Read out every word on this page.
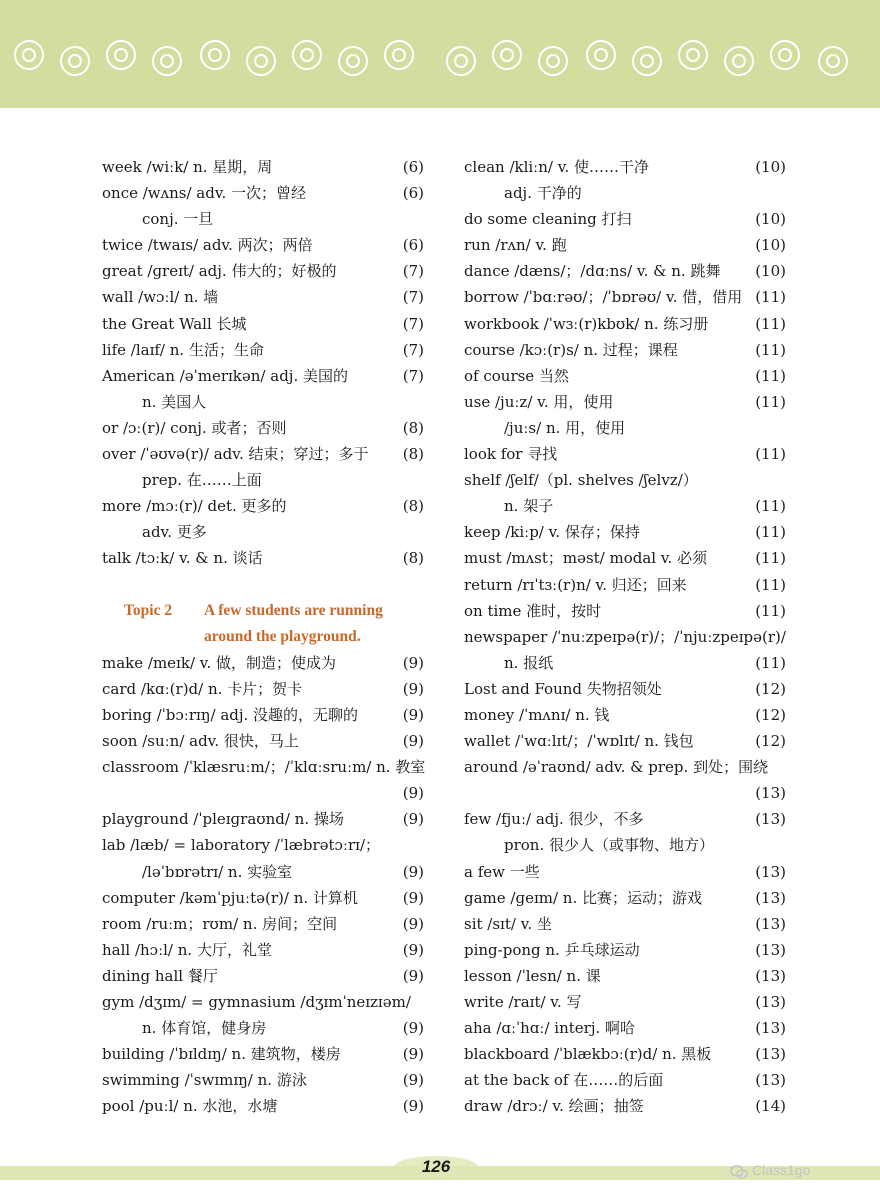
week /wiːk/ n. 星期，周	(6)
once /wʌns/ adv. 一次；曾经	(6)
conj. 一旦
twice /twaɪs/ adv. 两次；两倍	(6)
great /ɡreɪt/ adj. 伟大的；好极的	(7)
wall /wɔːl/ n. 墙	(7)
the Great Wall 长城	(7)
life /laɪf/ n. 生活；生命	(7)
American /əˈmerɪkən/ adj. 美国的	(7)
n. 美国人
or /ɔː(r)/ conj. 或者；否则	(8)
over /ˈəʊvə(r)/ adv. 结束；穿过；多于 (8)
prep. 在……上面
more /mɔː(r)/ det. 更多的	(8)
adv. 更多
talk /tɔːk/ v. & n. 谈话	(8)
Topic 2 A few students are running
around the playground.
make /meɪk/ v. 做，制造；使成为	(9)
card /kɑː(r)d/ n. 卡片；贺卡	(9)
boring /ˈbɔːrɪŋ/ adj. 没趣的，无聊的	(9)
soon /suːn/ adv. 很快，马上	(9)
classroom /ˈklæsruːm/；/ˈklɑːsruːm/ n. 教室
(9)
playground /ˈpleɪɡraʊnd/ n. 操场	(9)
lab /læb/ = laboratory /ˈlæbrətɔːrɪ/；
/ləˈbɒrətrɪ/ n. 实验室	(9)
computer /kəmˈpjuːtə(r)/ n. 计算机	(9)
room /ruːm；rʊm/ n. 房间；空间	(9)
hall /hɔːl/ n. 大厅，礼堂	(9)
dining hall 餐厅	(9)
gym /dʒɪm/ = gymnasium /dʒɪmˈneɪzɪəm/
n. 体育馆，健身房	(9)
building /ˈbɪldɪŋ/ n. 建筑物，楼房	(9)
swimming /ˈswɪmɪŋ/ n. 游泳	(9)
pool /puːl/ n. 水池，水塘	(9)
clean /kliːn/ v. 使……干净	(10)
adj. 干净的
do some cleaning 打扫	(10)
run /rʌn/ v. 跑	(10)
dance /dæns/；/dɑːns/ v. & n. 跳舞 (10)
borrow /ˈbɑːrəʊ/；/ˈbɒrəʊ/ v. 借，借用 (11)
workbook /ˈwɜː(r)kbʊk/ n. 练习册	(11)
course /kɔː(r)s/ n. 过程；课程	(11)
of course 当然	(11)
use /juːz/ v. 用，使用	(11)
/juːs/ n. 用，使用
look for 寻找	(11)
shelf /ʃelf/（pl. shelves /ʃelvz/）
n. 架子	(11)
keep /kiːp/ v. 保存；保持	(11)
must /mʌst；məst/ modal v. 必须	(11)
return /rɪˈtɜː(r)n/ v. 归还；回来	(11)
on time 准时，按时	(11)
newspaper /ˈnuːzpeɪpə(r)/；/ˈnjuːzpeɪpə(r)/
n. 报纸	(11)
Lost and Found 失物招领处	(12)
money /ˈmʌnɪ/ n. 钱	(12)
wallet /ˈwɑːlɪt/；/ˈwɒlɪt/ n. 钱包	(12)
around /əˈraʊnd/ adv. & prep. 到处；围绕
(13)
few /fjuː/ adj. 很少，不多	(13)
pron. 很少人（或事物、地方）
a few 一些	(13)
game /ɡeɪm/ n. 比赛；运动；游戏	(13)
sit /sɪt/ v. 坐	(13)
ping-pong n. 乒乓球运动	(13)
lesson /ˈlesn/ n. 课	(13)
write /raɪt/ v. 写	(13)
aha /ɑːˈhɑː/ interj. 啊哈	(13)
blackboard /ˈblækbɔː(r)d/ n. 黑板	(13)
at the back of 在……的后面	(13)
draw /drɔː/ v. 绘画；抽签	(14)
126	Class1go
